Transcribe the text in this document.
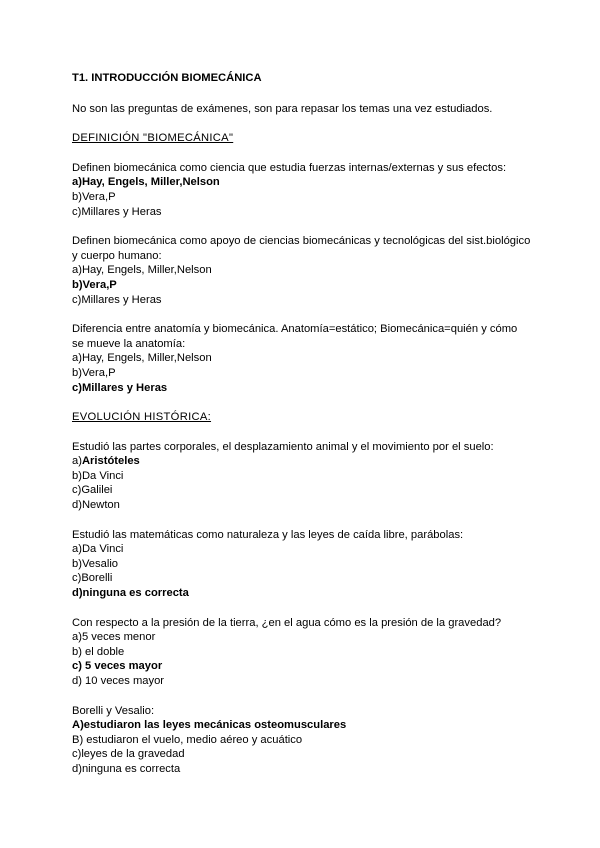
T1. INTRODUCCIÓN BIOMECÁNICA
No son las preguntas de exámenes, son para repasar los temas una vez estudiados.
DEFINICIÓN "BIOMECÁNICA"
Definen biomecánica como ciencia que estudia fuerzas internas/externas y sus efectos:
a)Hay, Engels, Miller,Nelson
b)Vera,P
c)Millares y Heras
Definen biomecánica como apoyo de ciencias biomecánicas y tecnológicas del sist.biológico y cuerpo humano:
a)Hay, Engels, Miller,Nelson
b)Vera,P
c)Millares y Heras
Diferencia entre anatomía y biomecánica. Anatomía=estático; Biomecánica=quién y cómo se mueve la anatomía:
a)Hay, Engels, Miller,Nelson
b)Vera,P
c)Millares y Heras
EVOLUCIÓN HISTÓRICA:
Estudió las partes corporales, el desplazamiento animal y el movimiento por el suelo:
a)Aristóteles
b)Da Vinci
c)Galilei
d)Newton
Estudió las matemáticas como naturaleza y las leyes de caída libre, parábolas:
a)Da Vinci
b)Vesalio
c)Borelli
d)ninguna es correcta
Con respecto a la presión de la tierra, ¿en el agua cómo es la presión de la gravedad?
a)5 veces menor
b) el doble
c) 5 veces mayor
d) 10 veces mayor
Borelli y Vesalio:
A)estudiaron las leyes mecánicas osteomusculares
B) estudiaron el vuelo, medio aéreo y acuático
c)leyes de la gravedad
d)ninguna es correcta
